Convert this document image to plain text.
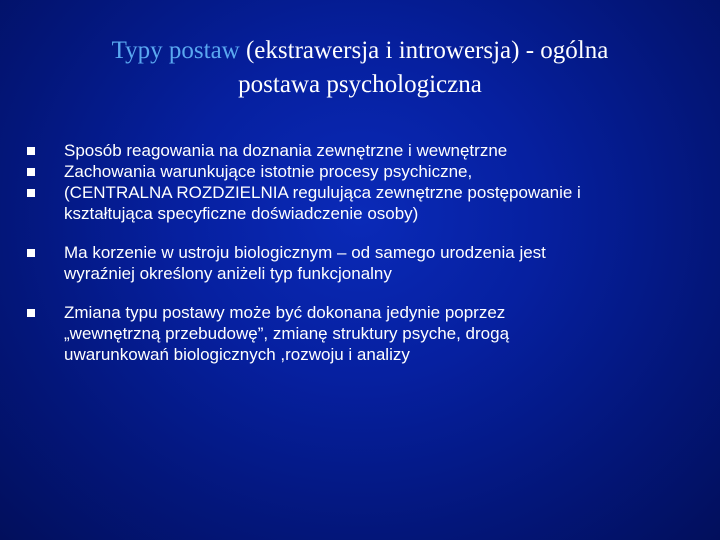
Typy postaw (ekstrawersja i introwersja) - ogólna
postawa psychologiczna
Sposób reagowania na doznania zewnętrzne i wewnętrzne
Zachowania warunkujące istotnie procesy psychiczne,
(CENTRALNA ROZDZIELNIA regulująca zewnętrzne postępowanie i
kształtująca specyficzne doświadczenie osoby)
Ma korzenie w ustroju biologicznym – od samego urodzenia jest
wyraźniej określony aniżeli typ funkcjonalny
Zmiana typu postawy może być dokonana jedynie poprzez
„wewnętrzną przebudowę”, zmianę struktury psyche, drogą
uwarunkowań biologicznych ,rozwoju i analizy
